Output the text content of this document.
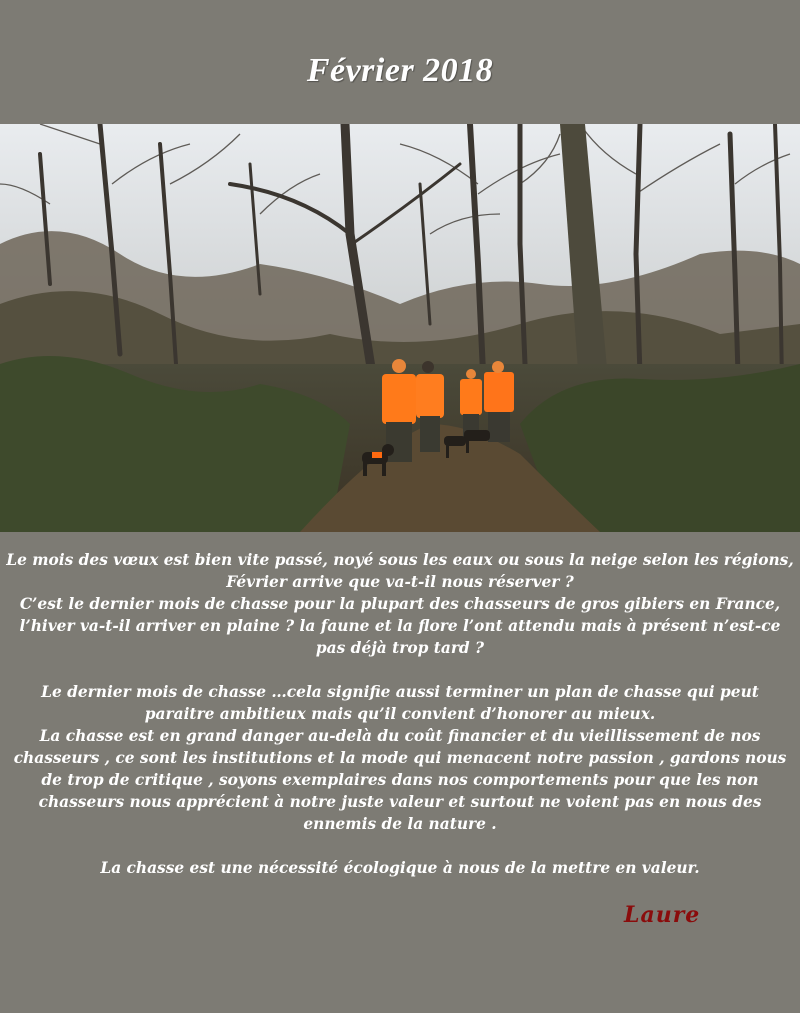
Février 2018

Le mois des vœux est bien vite passé, noyé sous les eaux ou sous la neige selon les régions, Février arrive que va-t-il nous réserver ?

C’est le dernier mois de chasse pour la plupart des chasseurs de gros gibiers en France, l’hiver va-t-il arriver en plaine ? la faune et la flore l’ont attendu mais à présent n’est-ce pas déjà trop tard ?

Le dernier mois de chasse …cela signifie aussi terminer un plan de chasse qui peut paraitre ambitieux mais qu’il convient d’honorer au mieux.

La chasse est en grand danger au-delà du coût financier et du vieillissement de nos chasseurs , ce sont les institutions et la mode qui menacent notre passion , gardons nous de trop de critique , soyons exemplaires dans nos comportements pour que les non chasseurs nous apprécient à notre juste valeur et surtout ne voient pas en nous des ennemis de la nature .

La chasse est une nécessité écologique à nous de la mettre en valeur.

Laure
